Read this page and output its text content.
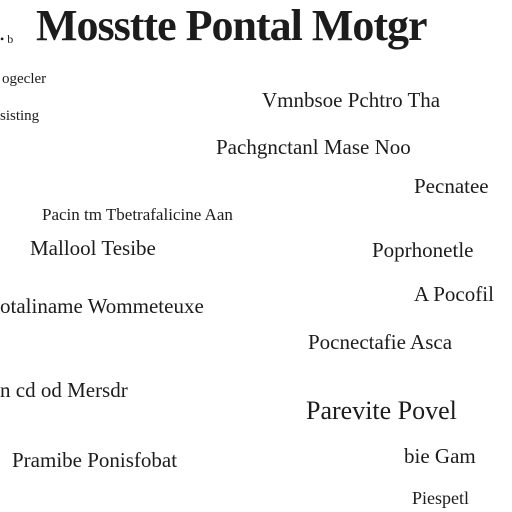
• b Mosstte Pontal Motgr
ogecler
sisting
Pacin tm Tbetrafalicine Aan
Mallool Tesibe
otaliname Wommeteuxe
n cd od Mersdr
Pramibe Ponisfobat
Vmnbsoe Pchtro Tha
Pachgnctanl Mase Noo
Pecnatee
Poprhonetle
A Pocofil
Pocnectafie Asca
Parevite Povel
bie Gam
Piespetl
